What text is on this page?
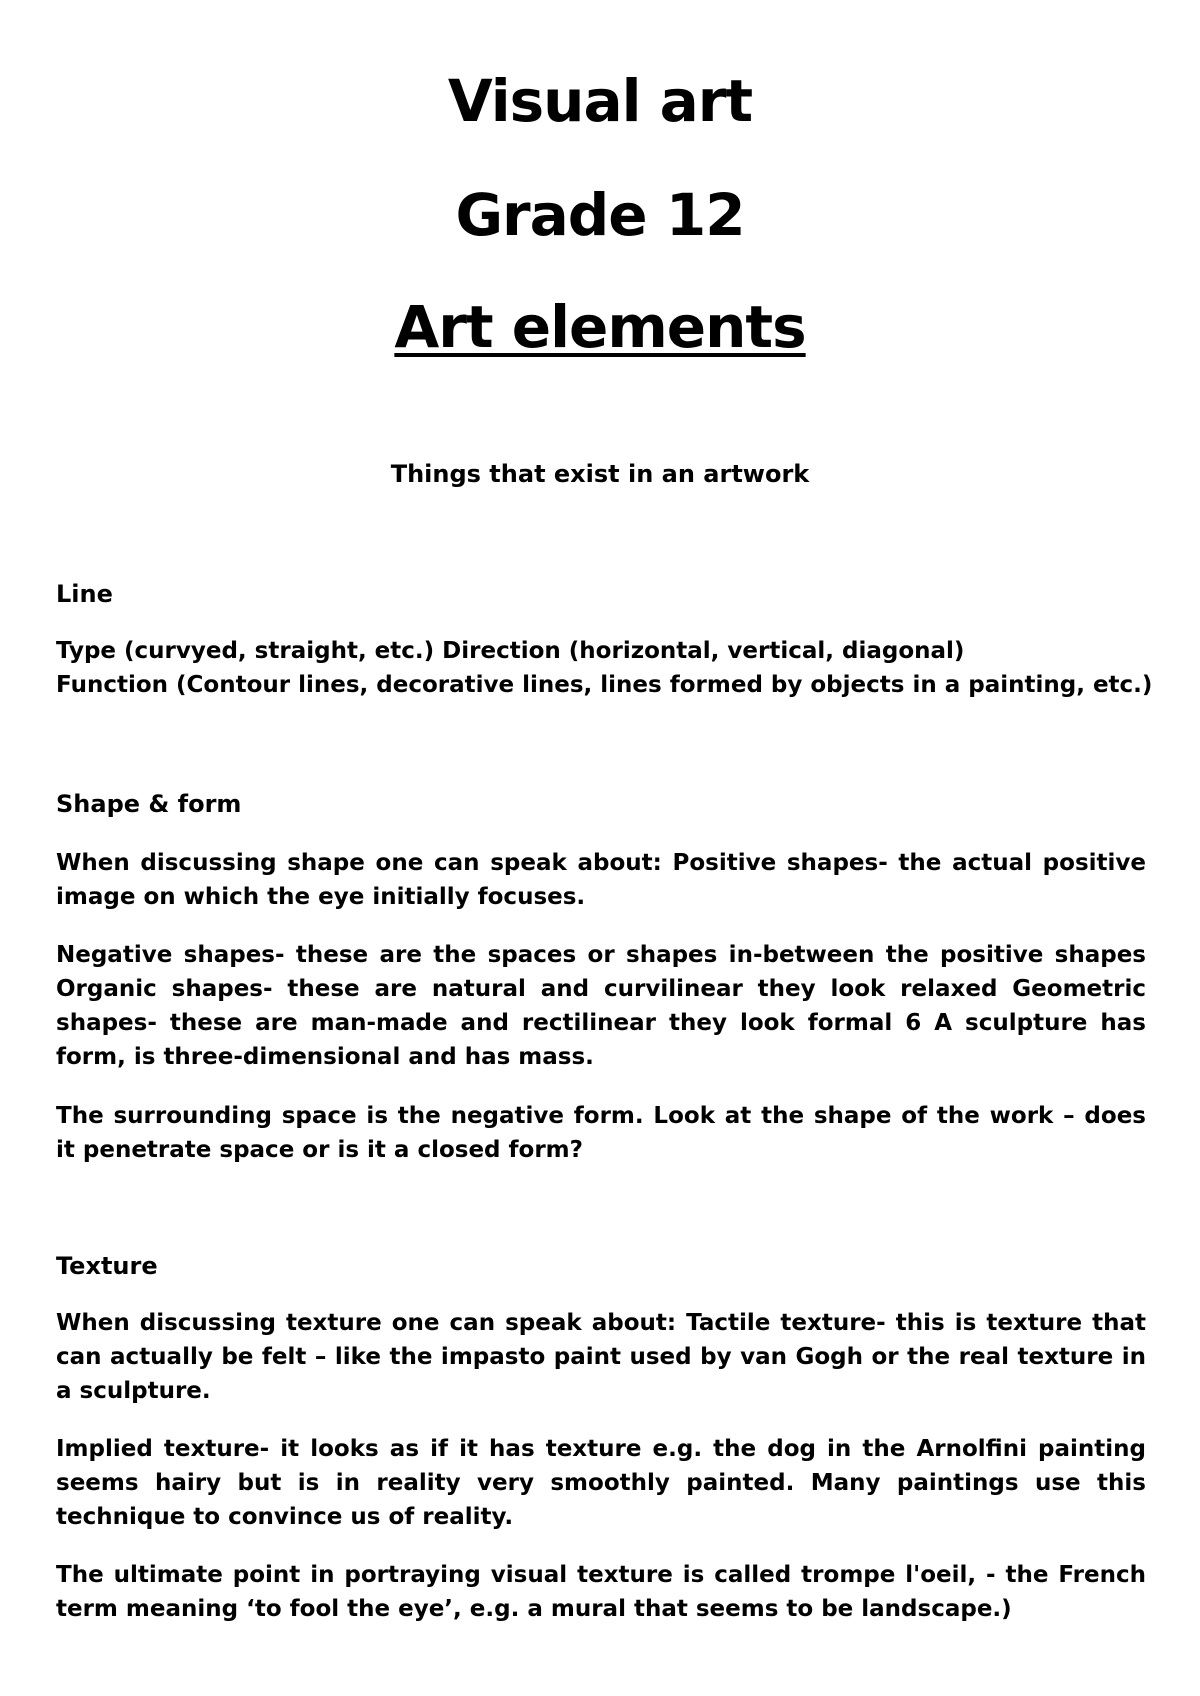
Visual art
Grade 12
Art elements
Things that exist in an artwork
Line
Type (curvyed, straight, etc.) Direction (horizontal, vertical, diagonal)
Function (Contour lines, decorative lines, lines formed by objects in a painting, etc.)
Shape & form
When discussing shape one can speak about: Positive shapes- the actual positive image on which the eye initially focuses.
Negative shapes- these are the spaces or shapes in-between the positive shapes Organic shapes- these are natural and curvilinear they look relaxed Geometric shapes- these are man-made and rectilinear they look formal 6 A sculpture has form, is three-dimensional and has mass.
The surrounding space is the negative form. Look at the shape of the work – does it penetrate space or is it a closed form?
Texture
When discussing texture one can speak about: Tactile texture- this is texture that can actually be felt – like the impasto paint used by van Gogh or the real texture in a sculpture.
Implied texture- it looks as if it has texture e.g. the dog in the Arnolfini painting seems hairy but is in reality very smoothly painted. Many paintings use this technique to convince us of reality.
The ultimate point in portraying visual texture is called trompe l'oeil, - the French term meaning ‘to fool the eye’, e.g. a mural that seems to be landscape.)
